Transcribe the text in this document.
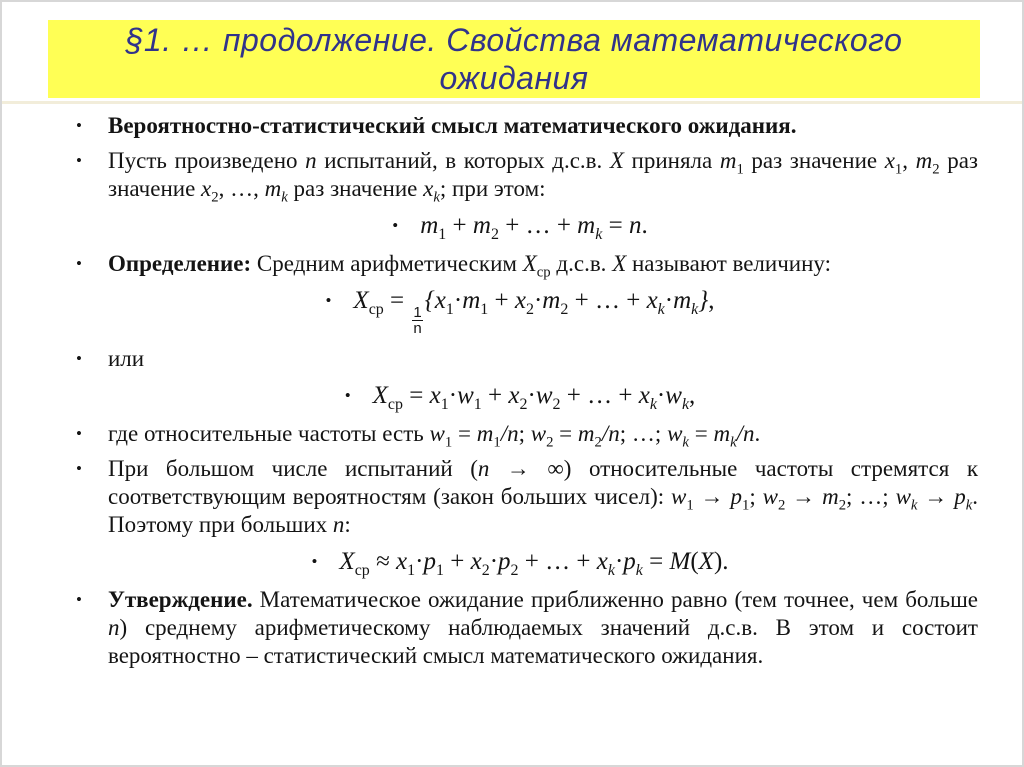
§1. … продолжение. Свойства математического
ожидания
•	Вероятностно-статистический смысл математического ожидания.
•	Пусть произведено n испытаний, в которых д.с.в. X приняла $m_1$ раз значение $x_1$, $m_2$ раз значение $x_2$, …, $m_k$ раз значение $x_k$; при этом:
• $m_1 + m_2$ + … + $m_k = n$.
•	Определение: Средним арифметическим $X_{ср}$ д.с.в. X называют величину:
• $X_{ср}$ =
$\frac{1}{n}$
{$x_1\cdot m_1 + x_2\cdot m_2$ + … + $x_k\cdot m_k$},
•	или
• $X_{ср} = x_1\cdot w_1 + x_2\cdot w_2$ + … + $x_k\cdot w_k$,
•	где относительные частоты есть $w_1 = m_1/n$; $w_2 = m_2/n$; …; $w_k = m_k/n$.
•	При большом числе испытаний (n → ∞) относительные частоты стремятся к соответствующим вероятностям (закон больших чисел): $w_1 \to p_1$; $w_2 \to m_2$; …; $w_k \to p_k$. Поэтому при больших n:
• $X_{ср} \approx x_1\cdot p_1 + x_2\cdot p_2$ + … + $x_k\cdot p_k = M(X)$.
•	Утверждение. Математическое ожидание приближенно равно (тем точнее, чем больше n) среднему арифметическому наблюдаемых значений д.с.в. В этом и состоит вероятностно – статистический смысл математического ожидания.
